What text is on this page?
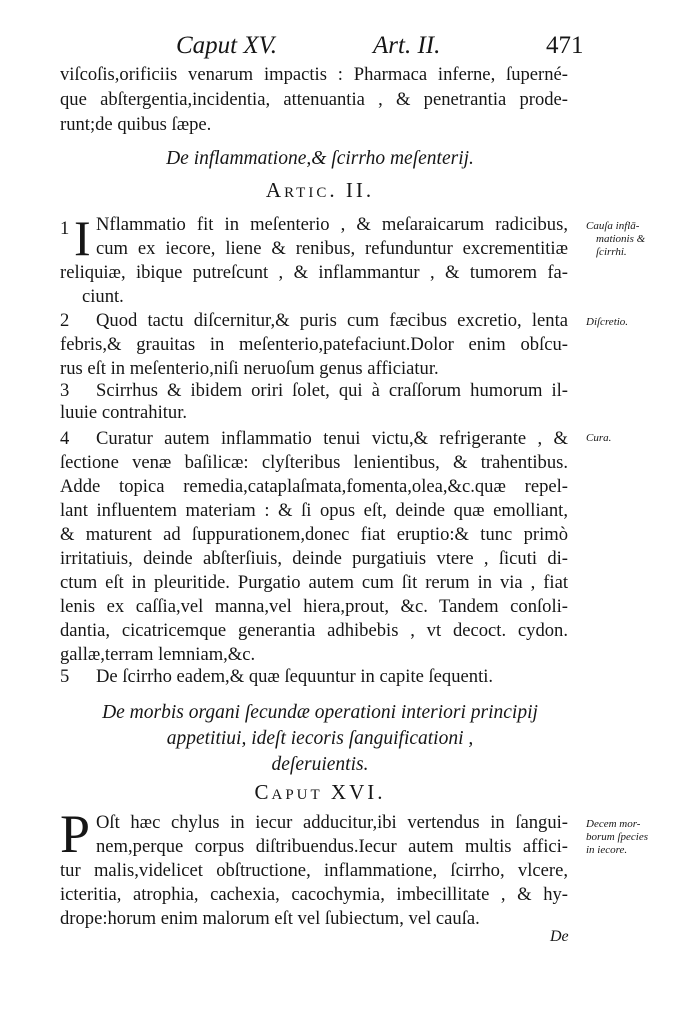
Caput XV.	Art. II.	471
viſcoſis,orificiis venarum impactis : Pharmaca inferne, ſuperné-
que abſtergentia,incidentia, attenuantia , & penetrantia prode-
runt;de quibus ſæpe.
De inflammatione,& ſcirrho meſenterij.
Artic. II.
1 I Nflammatio fit in meſenterio , & meſaraicarum radicibus,
cum ex iecore, liene & renibus, refunduntur excrementitiæ
reliquiæ, ibique putreſcunt , & inflammantur , & tumorem fa-
ciunt.
2 Quod tactu diſcernitur,& puris cum fæcibus excretio, lenta
febris,& grauitas in meſenterio,patefaciunt.Dolor enim obſcu-
rus eſt in meſenterio,niſi neruoſum genus afficiatur.
3 Scirrhus & ibidem oriri ſolet, qui à craſſorum humorum il-
luuie contrahitur.
4 Curatur autem inflammatio tenui victu,& refrigerante , &
ſectione venæ baſilicæ: clyſteribus lenientibus, & trahentibus.
Adde topica remedia,cataplaſmata,fomenta,olea,&c.quæ repel-
lant influentem materiam : & ſi opus eſt, deinde quæ emolliant,
& maturent ad ſuppurationem,donec fiat eruptio:& tunc primò
irritatiuis, deinde abſterſiuis, deinde purgatiuis vtere , ſicuti di-
ctum eſt in pleuritide. Purgatio autem cum ſit rerum in via , fiat
lenis ex caſſia,vel manna,vel hiera,prout, &c. Tandem conſoli-
dantia, cicatricemque generantia adhibebis , vt decoct. cydon.
gallæ,terram lemniam,&c.
5 De ſcirrho eadem,& quæ ſequuntur in capite ſequenti.
De morbis organi ſecundæ operationi interiori principij
appetitiui, ideſt iecoris ſanguificationi ,
deſeruientis.
Caput XVI.
P Oſt hæc chylus in iecur adducitur,ibi vertendus in ſangui-
nem,perque corpus diſtribuendus.Iecur autem multis affici-
tur malis,videlicet obſtructione, inflammatione, ſcirrho, vlcere,
icteritia, atrophia, cachexia, cacochymia, imbecillitate , & hy-
drope:horum enim malorum eſt vel ſubiectum, vel cauſa.
Cauſa inflā-
mationis &
ſcirrhi.
Diſcretio.
Cura.
Decem mor-
borum ſpecies
in iecore.
De
